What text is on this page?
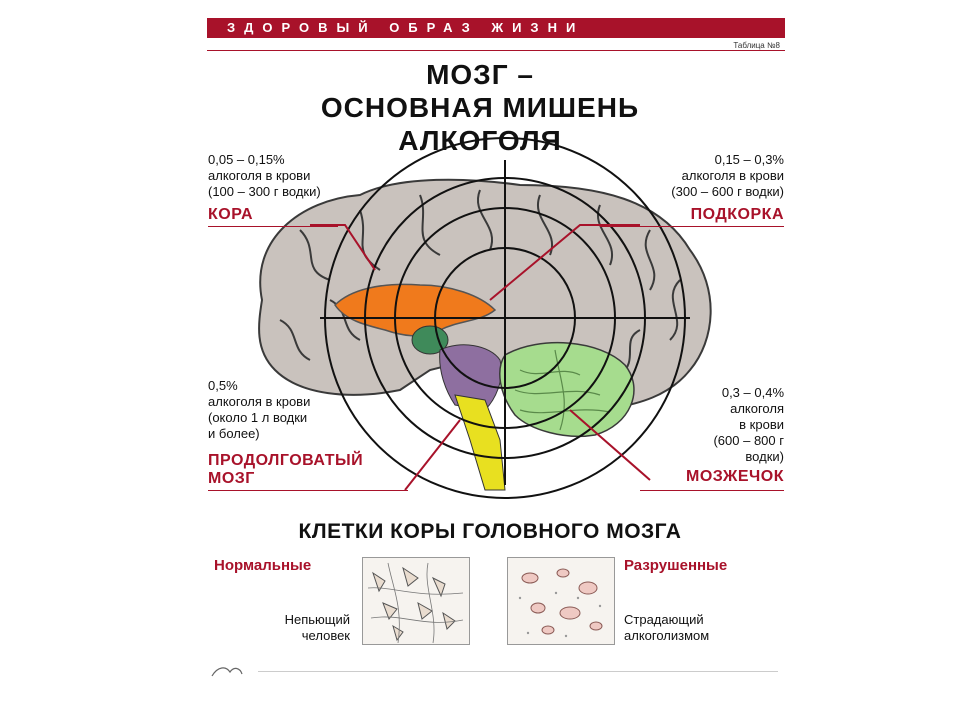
ЗДОРОВЫЙ ОБРАЗ ЖИЗНИ
Таблица №8
МОЗГ –
ОСНОВНАЯ МИШЕНЬ
АЛКОГОЛЯ
0,05 – 0,15%
алкоголя в крови
(100 – 300 г водки)
КОРА
0,15 – 0,3%
алкоголя в крови
(300 – 600 г водки)
ПОДКОРКА
0,5%
алкоголя в крови
(около 1 л водки
и более)
ПРОДОЛГОВАТЫЙ
МОЗГ
0,3 – 0,4%
алкоголя
в крови
(600 – 800 г
водки)
МОЗЖЕЧОК
КЛЕТКИ КОРЫ ГОЛОВНОГО МОЗГА
Нормальные
Непьющий
человек
Разрушенные
Страдающий
алкоголизмом
